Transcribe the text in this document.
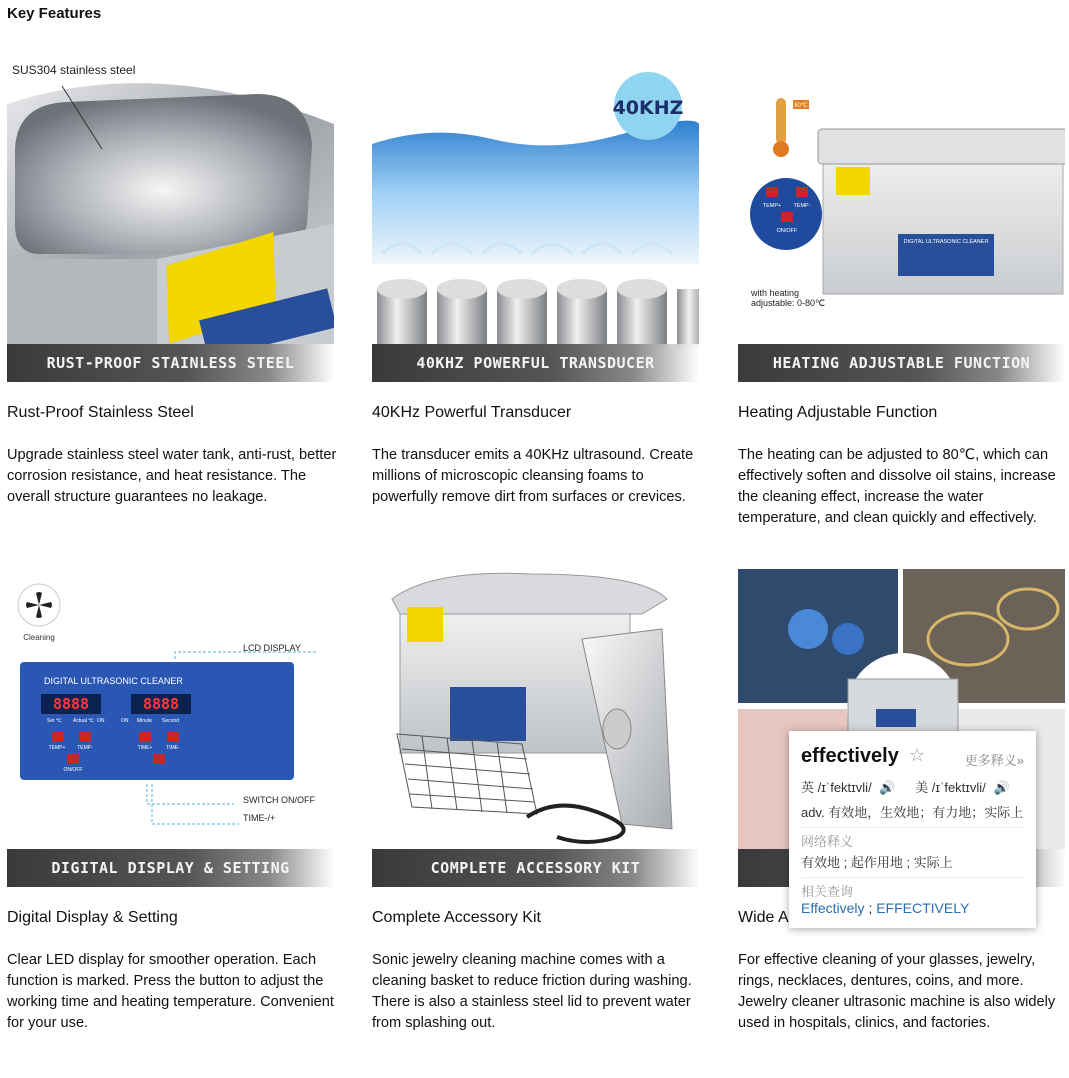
Key Features
SUS304 stainless steel
RUST-PROOF STAINLESS STEEL
Rust-Proof Stainless Steel
Upgrade stainless steel water tank, anti-rust, better corrosion resistance, and heat resistance. The overall structure guarantees no leakage.
40KHZ
40KHZ POWERFUL TRANSDUCER
40KHz Powerful Transducer
The transducer emits a 40KHz ultrasound. Create millions of microscopic cleansing foams to powerfully remove dirt from surfaces or crevices.
80℃
DIGITAL ULTRASONIC CLEANER
TEMP+ TEMP-
ON/OFF
with heating
adjustable: 0-80℃
HEATING ADJUSTABLE FUNCTION
Heating Adjustable Function
The heating can be adjusted to 80℃, which can effectively soften and dissolve oil stains, increase the cleaning effect, increase the water temperature, and clean quickly and effectively.
Cleaning
DIGITAL ULTRASONIC CLEANER
8888	8888
Set ℃ Actual ℃ ON	ON Minute Second
TEMP+ TEMP-
ON/OFF
TIME+	TIME-
LCD DISPLAY
SWITCH ON/OFF
TIME-/+
DIGITAL DISPLAY & SETTING
Digital Display & Setting
Clear LED display for smoother operation. Each function is marked. Press the button to adjust the working time and heating temperature. Convenient for your use.
COMPLETE ACCESSORY KIT
Complete Accessory Kit
Sonic jewelry cleaning machine comes with a cleaning basket to reduce friction during washing. There is also a stainless steel lid to prevent water from splashing out.
Wide A
For effective cleaning of your glasses, jewelry, rings, necklaces, dentures, coins, and more. Jewelry cleaner ultrasonic machine is also widely used in hospitals, clinics, and factories.
effectively ☆	更多释义»
英 /ɪˈfektɪvli/ 🔊 美 /ɪˈfektɪvli/ 🔊
adv. 有效地，生效地；有力地；实际上
网络释义
有效地 ; 起作用地 ; 实际上
相关查询
Effectively ; EFFECTIVELY
